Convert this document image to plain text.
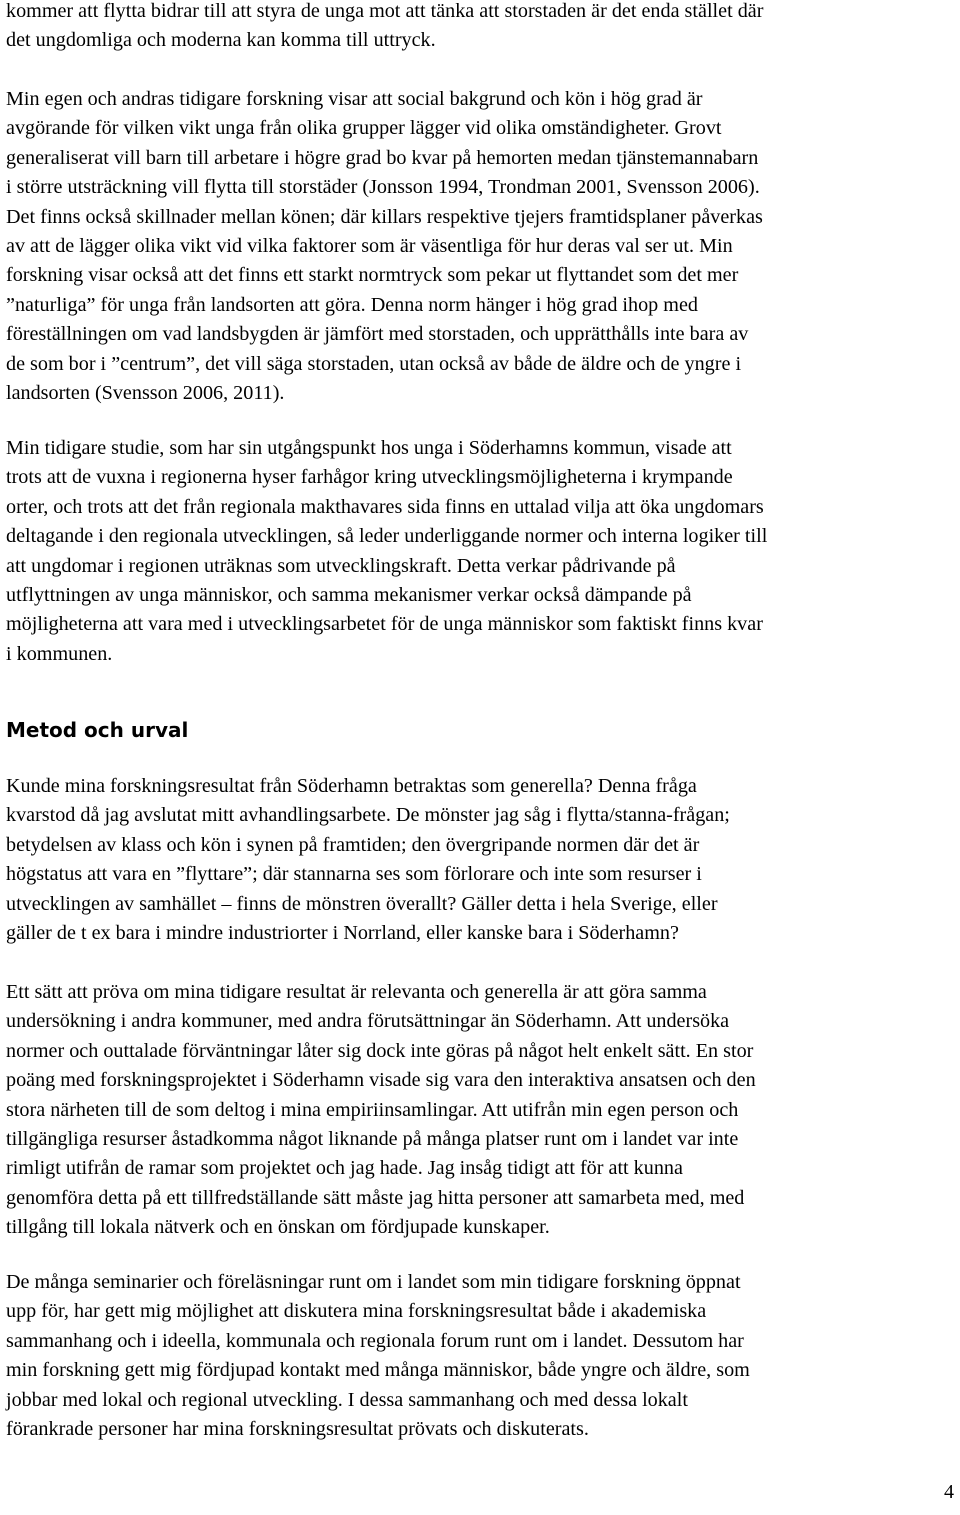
kommer att flytta bidrar till att styra de unga mot att tänka att storstaden är det enda stället där
det ungdomliga och moderna kan komma till uttryck.
Min egen och andras tidigare forskning visar att social bakgrund och kön i hög grad är
avgörande för vilken vikt unga från olika grupper lägger vid olika omständigheter. Grovt
generaliserat vill barn till arbetare i högre grad bo kvar på hemorten medan tjänstemannabarn
i större utsträckning vill flytta till storstäder (Jonsson 1994, Trondman 2001, Svensson 2006).
Det finns också skillnader mellan könen; där killars respektive tjejers framtidsplaner påverkas
av att de lägger olika vikt vid vilka faktorer som är väsentliga för hur deras val ser ut. Min
forskning visar också att det finns ett starkt normtryck som pekar ut flyttandet som det mer
”naturliga” för unga från landsorten att göra. Denna norm hänger i hög grad ihop med
föreställningen om vad landsbygden är jämfört med storstaden, och upprätthålls inte bara av
de som bor i ”centrum”, det vill säga storstaden, utan också av både de äldre och de yngre i
landsorten (Svensson 2006, 2011).
Min tidigare studie, som har sin utgångspunkt hos unga i Söderhamns kommun, visade att
trots att de vuxna i regionerna hyser farhågor kring utvecklingsmöjligheterna i krympande
orter, och trots att det från regionala makthavares sida finns en uttalad vilja att öka ungdomars
deltagande i den regionala utvecklingen, så leder underliggande normer och interna logiker till
att ungdomar i regionen uträknas som utvecklingskraft. Detta verkar pådrivande på
utflyttningen av unga människor, och samma mekanismer verkar också dämpande på
möjligheterna att vara med i utvecklingsarbetet för de unga människor som faktiskt finns kvar
i kommunen.
Metod och urval
Kunde mina forskningsresultat från Söderhamn betraktas som generella? Denna fråga
kvarstod då jag avslutat mitt avhandlingsarbete. De mönster jag såg i flytta/stanna-frågan;
betydelsen av klass och kön i synen på framtiden; den övergripande normen där det är
högstatus att vara en ”flyttare”; där stannarna ses som förlorare och inte som resurser i
utvecklingen av samhället – finns de mönstren överallt? Gäller detta i hela Sverige, eller
gäller de t ex bara i mindre industriorter i Norrland, eller kanske bara i Söderhamn?
Ett sätt att pröva om mina tidigare resultat är relevanta och generella är att göra samma
undersökning i andra kommuner, med andra förutsättningar än Söderhamn. Att undersöka
normer och outtalade förväntningar låter sig dock inte göras på något helt enkelt sätt. En stor
poäng med forskningsprojektet i Söderhamn visade sig vara den interaktiva ansatsen och den
stora närheten till de som deltog i mina empiriinsamlingar. Att utifrån min egen person och
tillgängliga resurser åstadkomma något liknande på många platser runt om i landet var inte
rimligt utifrån de ramar som projektet och jag hade. Jag insåg tidigt att för att kunna
genomföra detta på ett tillfredställande sätt måste jag hitta personer att samarbeta med, med
tillgång till lokala nätverk och en önskan om fördjupade kunskaper.
De många seminarier och föreläsningar runt om i landet som min tidigare forskning öppnat
upp för, har gett mig möjlighet att diskutera mina forskningsresultat både i akademiska
sammanhang och i ideella, kommunala och regionala forum runt om i landet. Dessutom har
min forskning gett mig fördjupad kontakt med många människor, både yngre och äldre, som
jobbar med lokal och regional utveckling. I dessa sammanhang och med dessa lokalt
förankrade personer har mina forskningsresultat prövats och diskuterats.
4
